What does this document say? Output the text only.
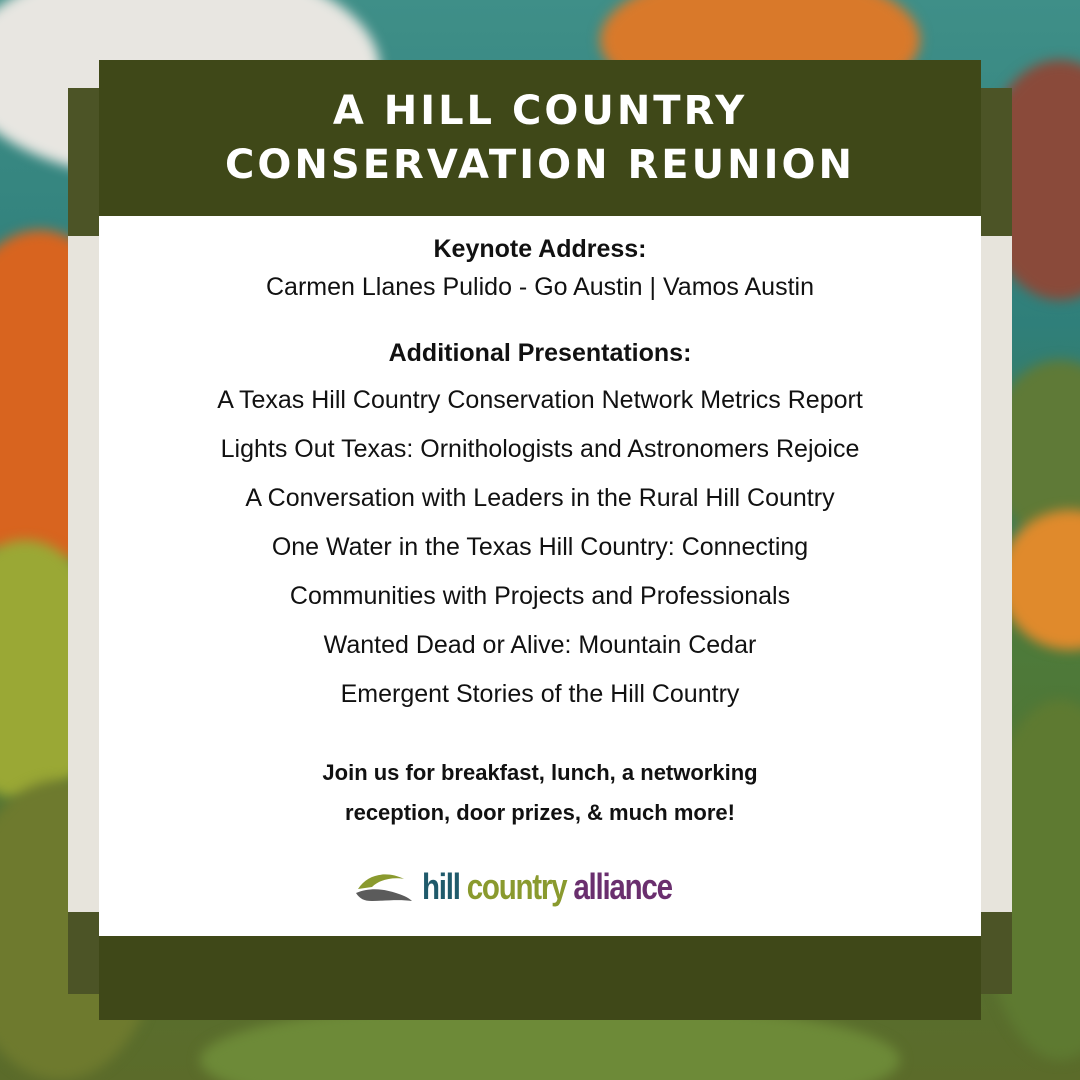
A HILL COUNTRY
CONSERVATION REUNION
Keynote Address:
Carmen Llanes Pulido - Go Austin | Vamos Austin
Additional Presentations:
A Texas Hill Country Conservation Network Metrics Report
Lights Out Texas: Ornithologists and Astronomers Rejoice
A Conversation with Leaders in the Rural Hill Country
One Water in the Texas Hill Country: Connecting
Communities with Projects and Professionals
Wanted Dead or Alive: Mountain Cedar
Emergent Stories of the Hill Country
Join us for breakfast, lunch, a networking
reception, door prizes, & much more!
hill country alliance
